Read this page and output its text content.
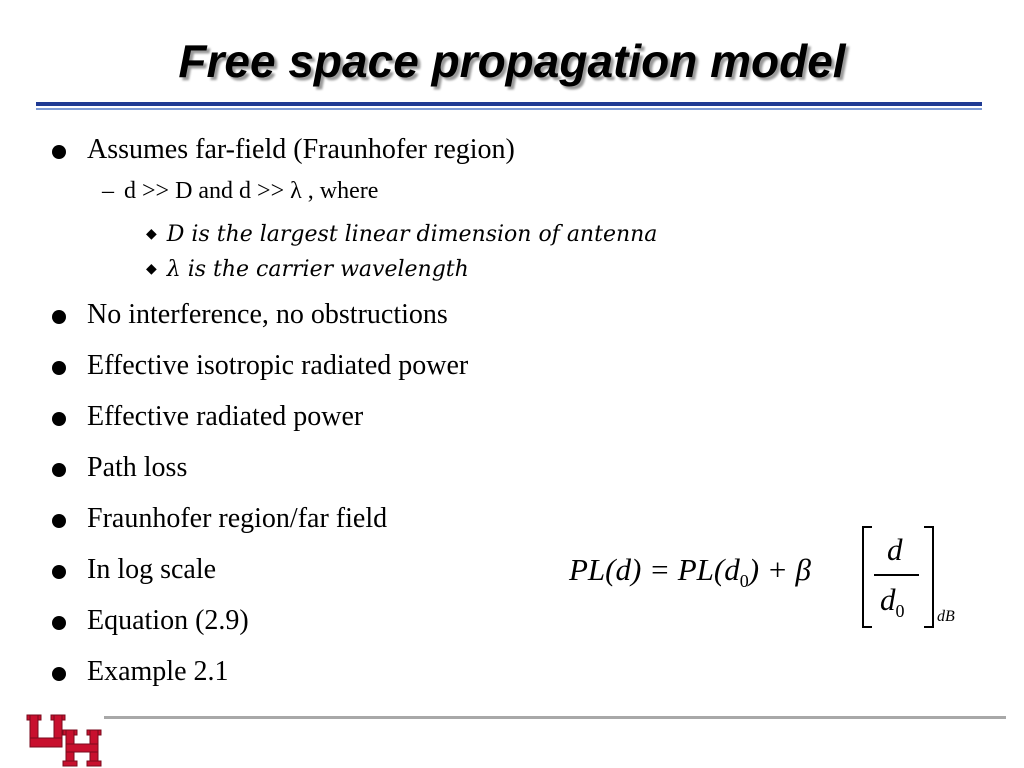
Free space propagation model
Assumes far-field (Fraunhofer region)
– d >> D and d >> λ , where
◆ D is the largest linear dimension of antenna
◆ λ is the carrier wavelength
No interference, no obstructions
Effective isotropic radiated power
Effective radiated power
Path loss
Fraunhofer region/far field
In log scale
Equation (2.9)
Example 2.1
$PL(d) = PL(d_0) + \beta$
d
$d_0$ dB
